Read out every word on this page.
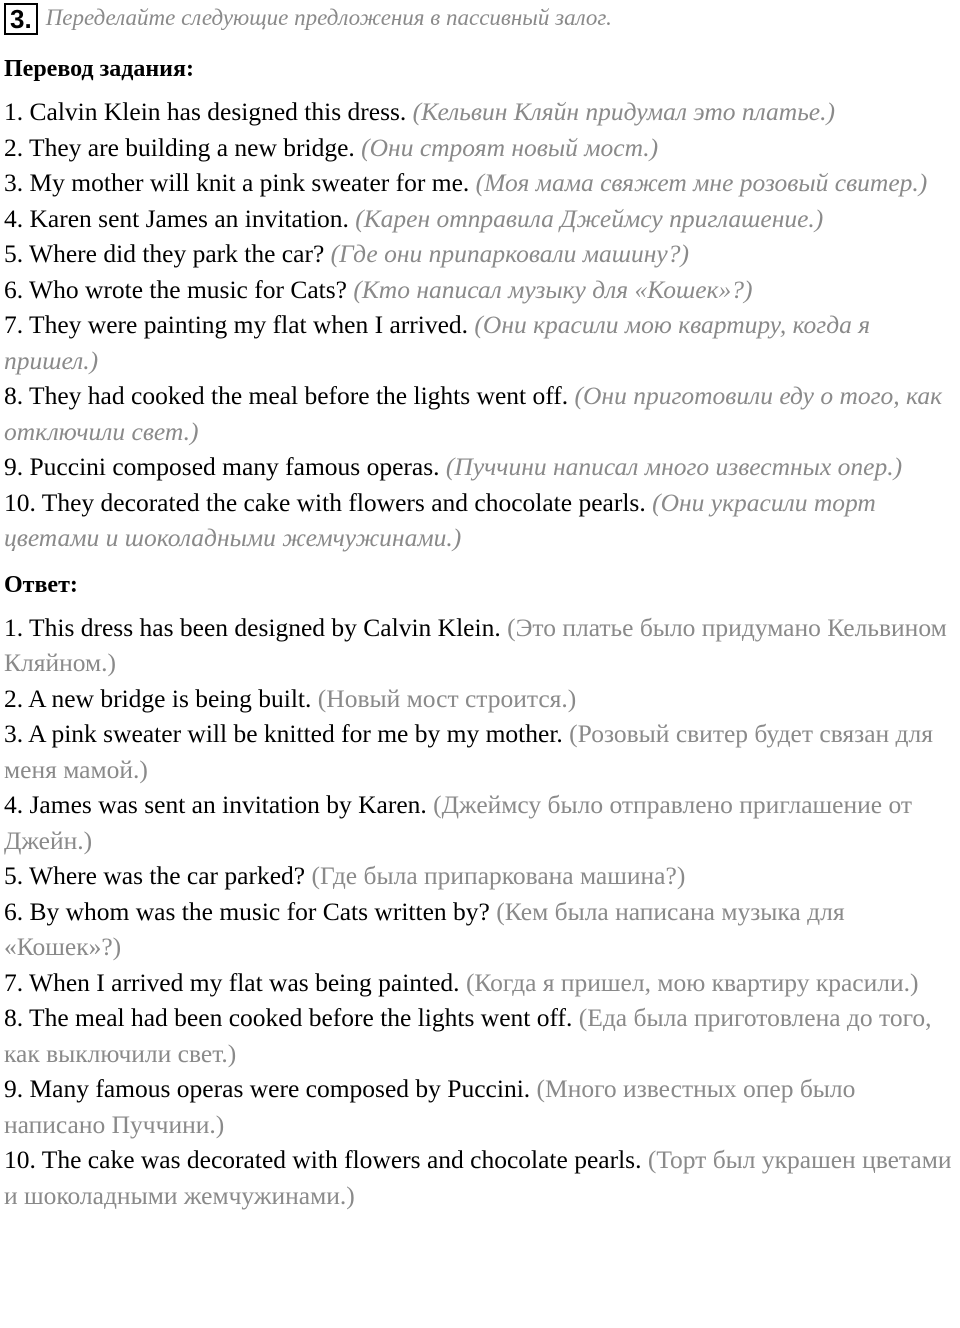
3. Переделайте следующие предложения в пассивный залог.
Перевод задания:
1. Calvin Klein has designed this dress. (Кельвин Кляйн придумал это платье.)
2. They are building a new bridge. (Они строят новый мост.)
3. My mother will knit a pink sweater for me. (Моя мама свяжет мне розовый свитер.)
4. Karen sent James an invitation. (Карен отправила Джеймсу приглашение.)
5. Where did they park the car? (Где они припарковали машину?)
6. Who wrote the music for Cats? (Кто написал музыку для «Кошек»?)
7. They were painting my flat when I arrived. (Они красили мою квартиру, когда я пришел.)
8. They had cooked the meal before the lights went off. (Они приготовили еду о того, как отключили свет.)
9. Puccini composed many famous operas. (Пуччини написал много известных опер.)
10. They decorated the cake with flowers and chocolate pearls. (Они украсили торт цветами и шоколадными жемчужинами.)
Ответ:
1. This dress has been designed by Calvin Klein. (Это платье было придумано Кельвином Кляйном.)
2. A new bridge is being built. (Новый мост строится.)
3. A pink sweater will be knitted for me by my mother. (Розовый свитер будет связан для меня мамой.)
4. James was sent an invitation by Karen. (Джеймсу было отправлено приглашение от Джейн.)
5. Where was the car parked? (Где была припаркована машина?)
6. By whom was the music for Cats written by? (Кем была написана музыка для «Кошек»?)
7. When I arrived my flat was being painted. (Когда я пришел, мою квартиру красили.)
8. The meal had been cooked before the lights went off. (Еда была приготовлена до того, как выключили свет.)
9. Many famous operas were composed by Puccini. (Много известных опер было написано Пуччини.)
10. The cake was decorated with flowers and chocolate pearls. (Торт был украшен цветами и шоколадными жемчужинами.)
